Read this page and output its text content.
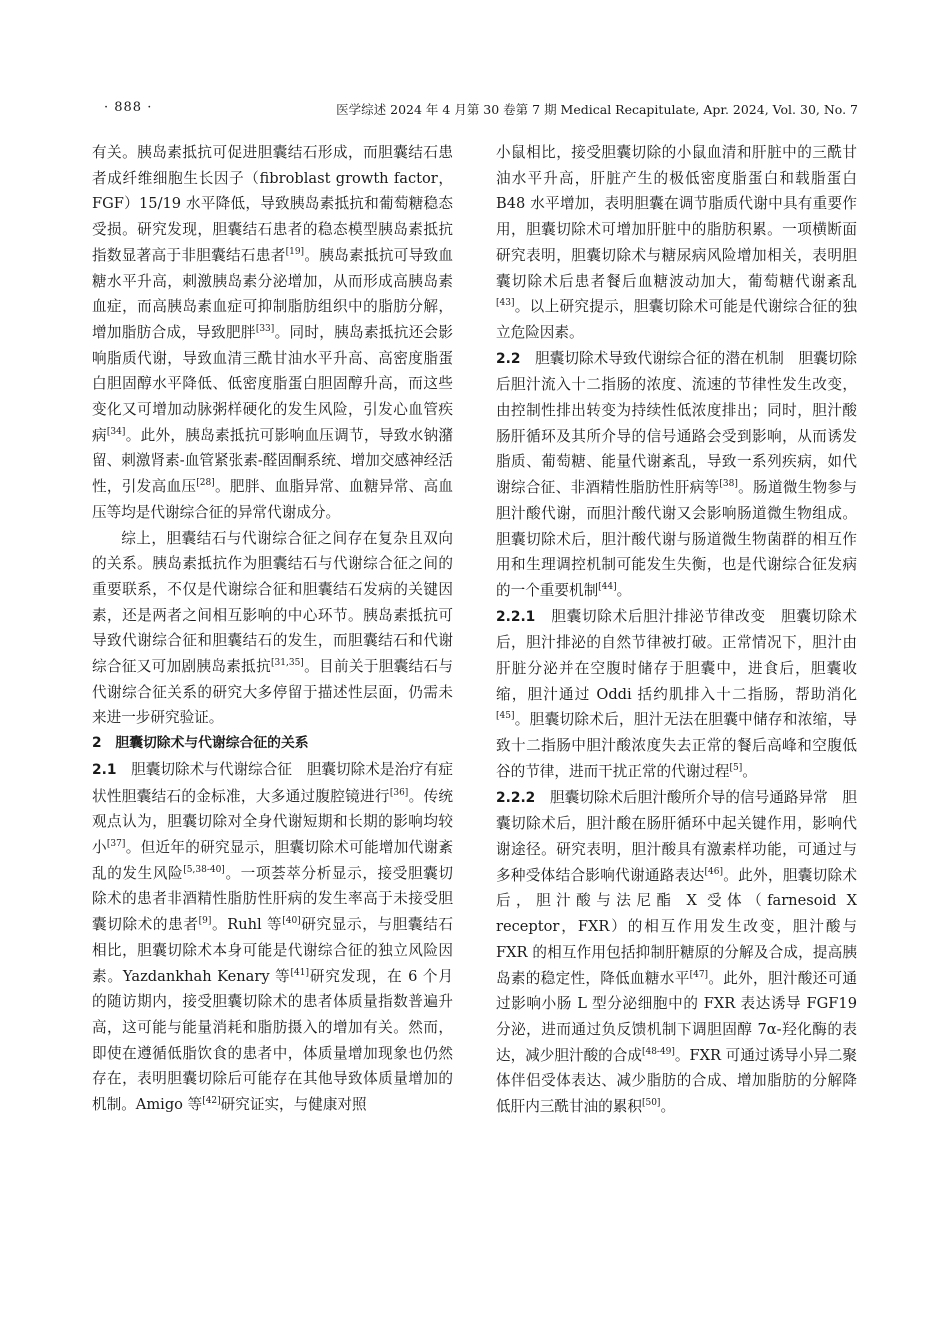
· 888 ·	医学综述 2024 年 4 月第 30 卷第 7 期 Medical Recapitulate, Apr. 2024, Vol. 30, No. 7

有关。胰岛素抵抗可促进胆囊结石形成，而胆囊结石患者成纤维细胞生长因子（fibroblast growth factor，FGF）15/19 水平降低，导致胰岛素抵抗和葡萄糖稳态受损。研究发现，胆囊结石患者的稳态模型胰岛素抵抗指数显著高于非胆囊结石患者[19]。胰岛素抵抗可导致血糖水平升高，刺激胰岛素分泌增加，从而形成高胰岛素血症，而高胰岛素血症可抑制脂肪组织中的脂肪分解，增加脂肪合成，导致肥胖[33]。同时，胰岛素抵抗还会影响脂质代谢，导致血清三酰甘油水平升高、高密度脂蛋白胆固醇水平降低、低密度脂蛋白胆固醇升高，而这些变化又可增加动脉粥样硬化的发生风险，引发心血管疾病[34]。此外，胰岛素抵抗可影响血压调节，导致水钠潴留、刺激肾素-血管紧张素-醛固酮系统、增加交感神经活性，引发高血压[28]。肥胖、血脂异常、血糖异常、高血压等均是代谢综合征的异常代谢成分。

综上，胆囊结石与代谢综合征之间存在复杂且双向的关系。胰岛素抵抗作为胆囊结石与代谢综合征之间的重要联系，不仅是代谢综合征和胆囊结石发病的关键因素，还是两者之间相互影响的中心环节。胰岛素抵抗可导致代谢综合征和胆囊结石的发生，而胆囊结石和代谢综合征又可加剧胰岛素抵抗[31,35]。目前关于胆囊结石与代谢综合征关系的研究大多停留于描述性层面，仍需未来进一步研究验证。

2　胆囊切除术与代谢综合征的关系

2.1　 胆囊切除术与代谢综合征　 胆囊切除术是治疗有症状性胆囊结石的金标准，大多通过腹腔镜进行[36]。传统观点认为，胆囊切除对全身代谢短期和长期的影响均较小[37]。但近年的研究显示，胆囊切除术可能增加代谢紊乱的发生风险[5,38-40]。一项荟萃分析显示，接受胆囊切除术的患者非酒精性脂肪性肝病的发生率高于未接受胆囊切除术的患者[9]。Ruhl 等[40]研究显示，与胆囊结石相比，胆囊切除术本身可能是代谢综合征的独立风险因素。Yazdankhah Kenary 等[41]研究发现，在 6 个月的随访期内，接受胆囊切除术的患者体质量指数普遍升高，这可能与能量消耗和脂肪摄入的增加有关。然而，即使在遵循低脂饮食的患者中，体质量增加现象也仍然存在，表明胆囊切除后可能存在其他导致体质量增加的机制。Amigo 等[42]研究证实，与健康对照

小鼠相比，接受胆囊切除的小鼠血清和肝脏中的三酰甘油水平升高，肝脏产生的极低密度脂蛋白和载脂蛋白 B48 水平增加，表明胆囊在调节脂质代谢中具有重要作用，胆囊切除术可增加肝脏中的脂肪积累。一项横断面研究表明，胆囊切除术与糖尿病风险增加相关，表明胆囊切除术后患者餐后血糖波动加大，葡萄糖代谢紊乱[43]。以上研究提示，胆囊切除术可能是代谢综合征的独立危险因素。

2.2　 胆囊切除术导致代谢综合征的潜在机制　 胆囊切除后胆汁流入十二指肠的浓度、流速的节律性发生改变，由控制性排出转变为持续性低浓度排出；同时，胆汁酸肠肝循环及其所介导的信号通路会受到影响，从而诱发脂质、葡萄糖、能量代谢紊乱，导致一系列疾病，如代谢综合征、非酒精性脂肪性肝病等[38]。肠道微生物参与胆汁酸代谢，而胆汁酸代谢又会影响肠道微生物组成。胆囊切除术后，胆汁酸代谢与肠道微生物菌群的相互作用和生理调控机制可能发生失衡，也是代谢综合征发病的一个重要机制[44]。

2.2.1　 胆囊切除术后胆汁排泌节律改变　 胆囊切除术后，胆汁排泌的自然节律被打破。正常情况下，胆汁由肝脏分泌并在空腹时储存于胆囊中，进食后，胆囊收缩，胆汁通过 Oddi 括约肌排入十二指肠，帮助消化[45]。胆囊切除术后，胆汁无法在胆囊中储存和浓缩，导致十二指肠中胆汁酸浓度失去正常的餐后高峰和空腹低谷的节律，进而干扰正常的代谢过程[5]。

2.2.2　 胆囊切除术后胆汁酸所介导的信号通路异常　 胆囊切除术后，胆汁酸在肠肝循环中起关键作用，影响代谢途径。研究表明，胆汁酸具有激素样功能，可通过与多种受体结合影响代谢通路表达[46]。此外，胆囊切除术后，胆汁酸与法尼酯 X 受体（farnesoid X receptor，FXR）的相互作用发生改变，胆汁酸与 FXR 的相互作用包括抑制肝糖原的分解及合成，提高胰岛素的稳定性，降低血糖水平[47]。此外，胆汁酸还可通过影响小肠 L 型分泌细胞中的 FXR 表达诱导 FGF19 分泌，进而通过负反馈机制下调胆固醇 7α-羟化酶的表达，减少胆汁酸的合成[48-49]。FXR 可通过诱导小异二聚体伴侣受体表达、减少脂肪的合成、增加脂肪的分解降低肝内三酰甘油的累积[50]。
